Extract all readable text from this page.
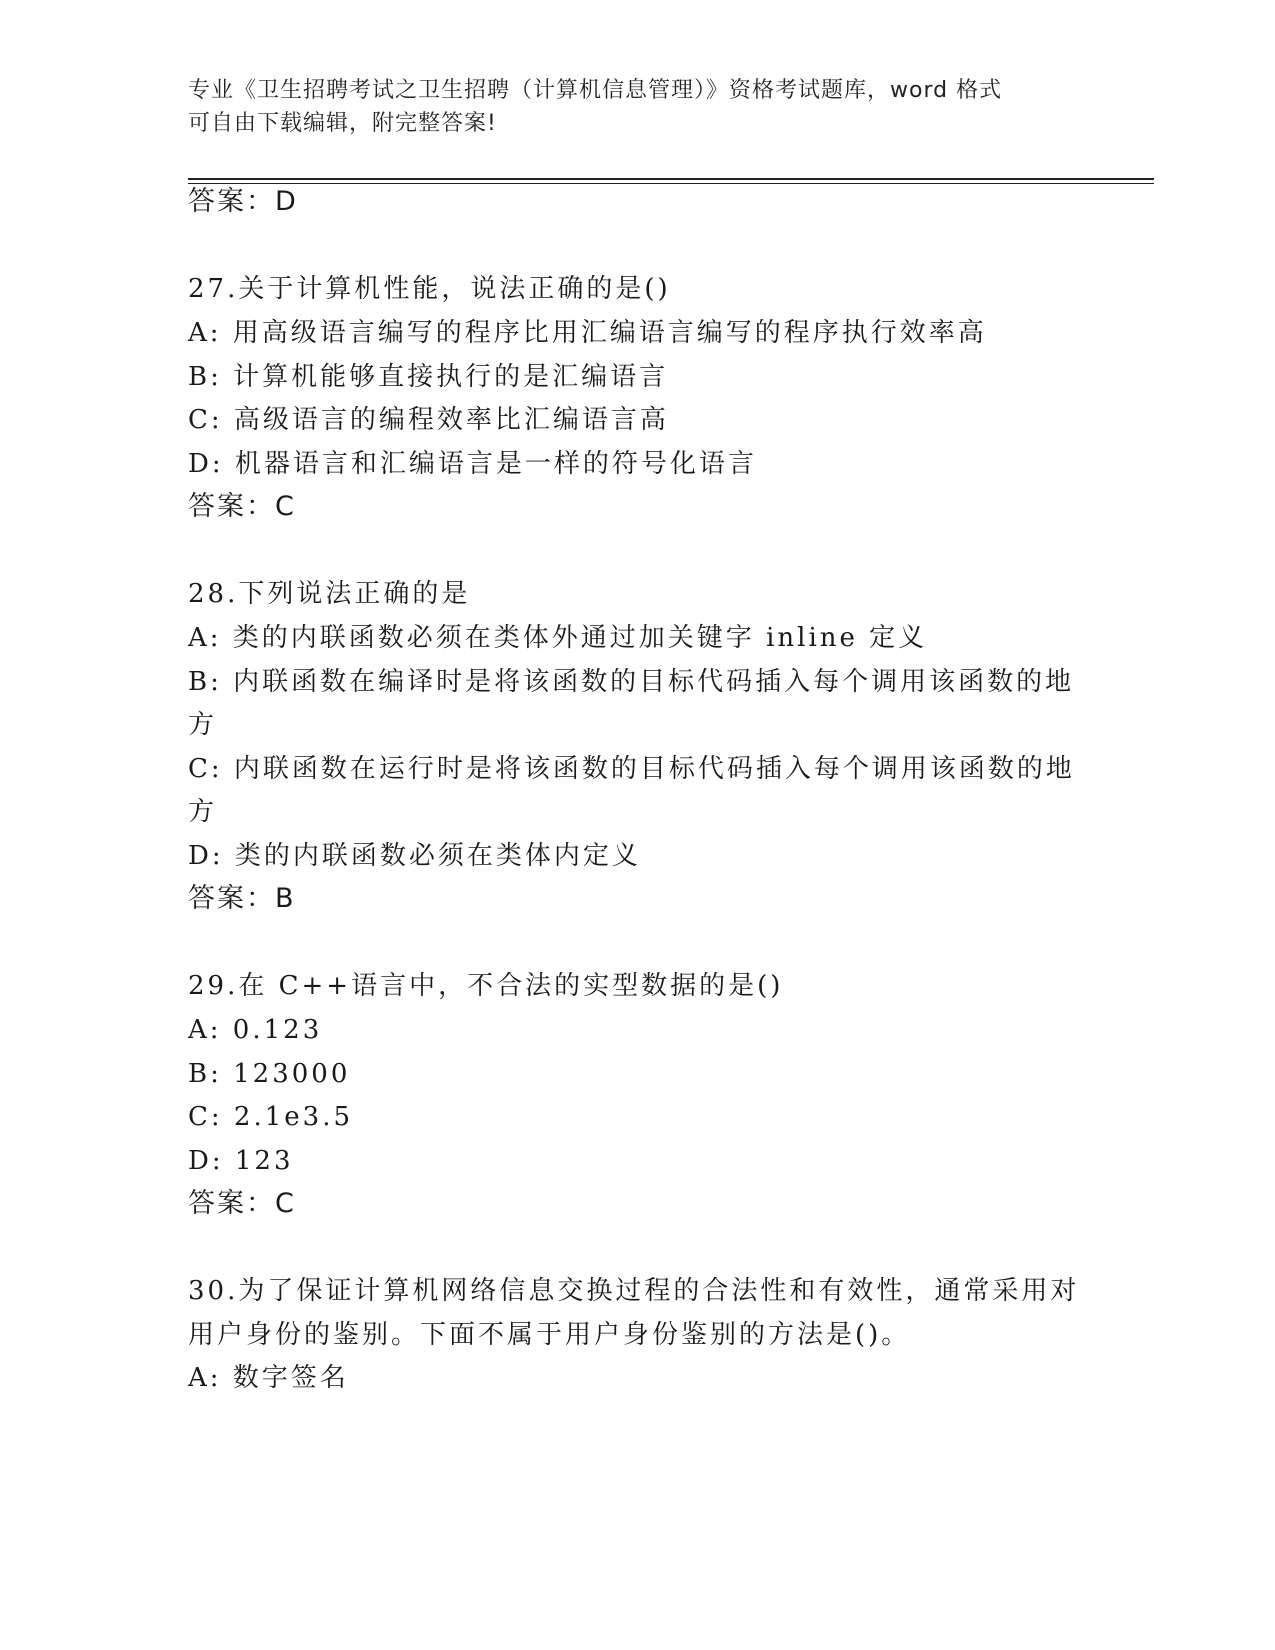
专业《卫生招聘考试之卫生招聘（计算机信息管理）》资格考试题库，word 格式
可自由下载编辑，附完整答案!
答案：D
27.关于计算机性能，说法正确的是()
A: 用高级语言编写的程序比用汇编语言编写的程序执行效率高
B: 计算机能够直接执行的是汇编语言
C: 高级语言的编程效率比汇编语言高
D: 机器语言和汇编语言是一样的符号化语言
答案：C
28.下列说法正确的是
A: 类的内联函数必须在类体外通过加关键字 inline 定义
B: 内联函数在编译时是将该函数的目标代码插入每个调用该函数的地
方
C: 内联函数在运行时是将该函数的目标代码插入每个调用该函数的地
方
D: 类的内联函数必须在类体内定义
答案：B
29.在 C++语言中，不合法的实型数据的是()
A: 0.123
B: 123000
C: 2.1e3.5
D: 123
答案：C
30.为了保证计算机网络信息交换过程的合法性和有效性，通常采用对
用户身份的鉴别。下面不属于用户身份鉴别的方法是()。
A: 数字签名
